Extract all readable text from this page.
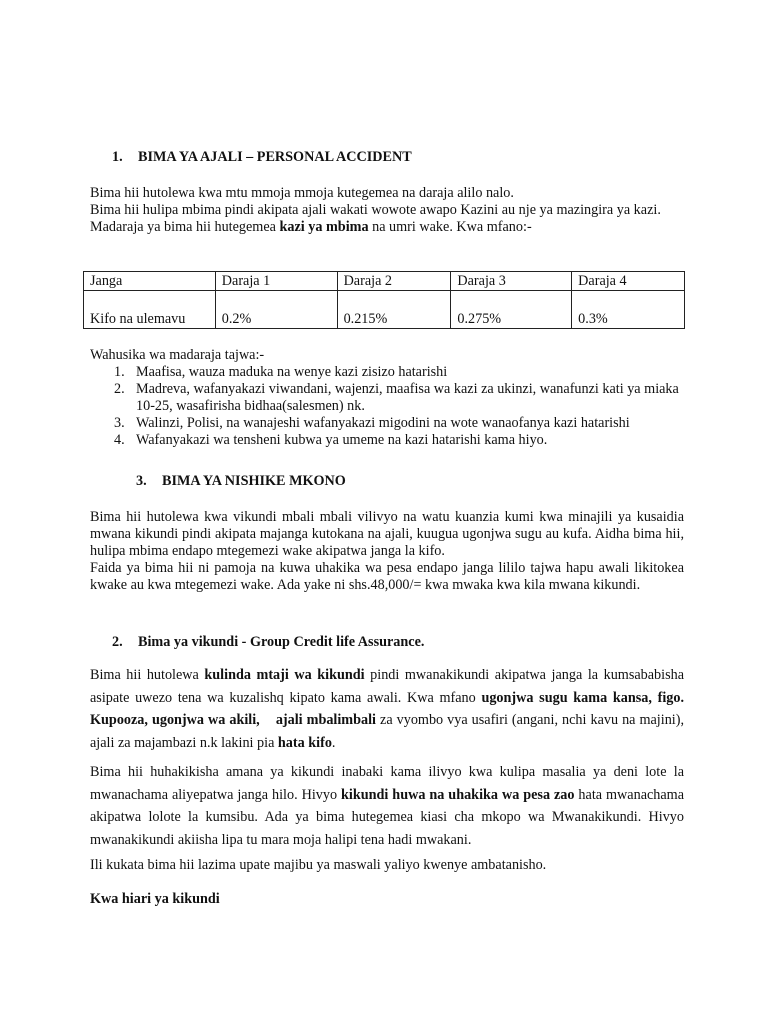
1. BIMA YA AJALI – PERSONAL ACCIDENT
Bima hii hutolewa kwa mtu mmoja mmoja kutegemea na daraja alilo nalo.
Bima hii hulipa mbima pindi akipata ajali wakati wowote awapo Kazini au nje ya mazingira ya kazi.
Madaraja ya bima hii hutegemea kazi ya mbima na umri wake. Kwa mfano:-
Janga	Daraja 1	Daraja 2	Daraja 3	Daraja 4
Kifo na ulemavu	0.2%	0.215%	0.275%	0.3%
Wahusika wa madaraja tajwa:-
1. Maafisa, wauza maduka na wenye kazi zisizo hatarishi
2. Madreva, wafanyakazi viwandani, wajenzi, maafisa wa kazi za ukinzi, wanafunzi kati ya miaka 10-25, wasafirisha bidhaa(salesmen) nk.
3. Walinzi, Polisi, na wanajeshi wafanyakazi migodini na wote wanaofanya kazi hatarishi
4. Wafanyakazi wa tensheni kubwa ya umeme na kazi hatarishi kama hiyo.
3. BIMA YA NISHIKE MKONO
Bima hii hutolewa kwa vikundi mbali mbali vilivyo na watu kuanzia kumi kwa minajili ya kusaidia mwana kikundi pindi akipata majanga kutokana na ajali, kuugua ugonjwa sugu au kufa. Aidha bima hii, hulipa mbima endapo mtegemezi wake akipatwa janga la kifo.
Faida ya bima hii ni pamoja na kuwa uhakika wa pesa endapo janga lililo tajwa hapu awali likitokea kwake au kwa mtegemezi wake. Ada yake ni shs.48,000/= kwa mwaka kwa kila mwana kikundi.
2. Bima ya vikundi - Group Credit life Assurance.
Bima hii hutolewa kulinda mtaji wa kikundi pindi mwanakikundi akipatwa janga la kumsababisha asipate uwezo tena wa kuzalishq kipato kama awali. Kwa mfano ugonjwa sugu kama kansa, figo. Kupooza, ugonjwa wa akili, ajali mbalimbali za vyombo vya usafiri (angani, nchi kavu na majini), ajali za majambazi n.k lakini pia hata kifo.
Bima hii huhakikisha amana ya kikundi inabaki kama ilivyo kwa kulipa masalia ya deni lote la mwanachama aliyepatwa janga hilo. Hivyo kikundi huwa na uhakika wa pesa zao hata mwanachama akipatwa lolote la kumsibu. Ada ya bima hutegemea kiasi cha mkopo wa Mwanakikundi. Hivyo mwanakikundi akiisha lipa tu mara moja halipi tena hadi mwakani.
Ili kukata bima hii lazima upate majibu ya maswali yaliyo kwenye ambatanisho.
Kwa hiari ya kikundi
